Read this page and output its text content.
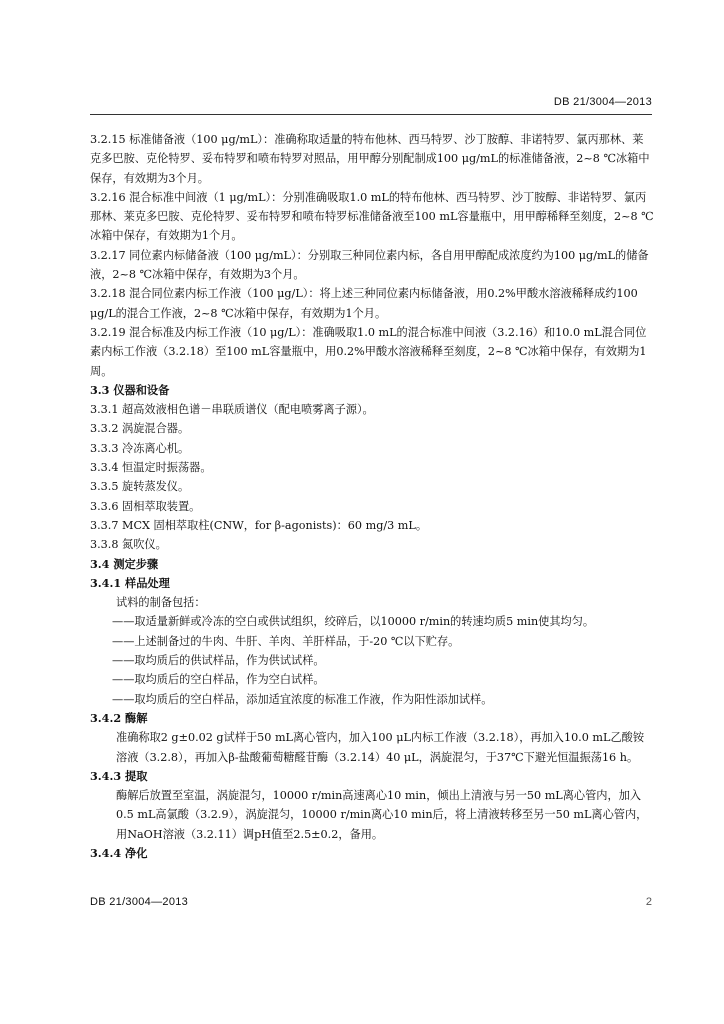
DB 21/3004—2013

3.2.15 标准储备液（100 μg/mL）：准确称取适量的特布他林、西马特罗、沙丁胺醇、非诺特罗、氯丙那林、莱克多巴胺、克伦特罗、妥布特罗和喷布特罗对照品，用甲醇分别配制成100 μg/mL的标准储备液，2~8 ℃冰箱中保存，有效期为3个月。

3.2.16 混合标准中间液（1 μg/mL）：分别准确吸取1.0 mL的特布他林、西马特罗、沙丁胺醇、非诺特罗、氯丙那林、莱克多巴胺、克伦特罗、妥布特罗和喷布特罗标准储备液至100 mL容量瓶中，用甲醇稀释至刻度，2~8 ℃冰箱中保存，有效期为1个月。

3.2.17 同位素内标储备液（100 μg/mL）：分别取三种同位素内标，各自用甲醇配成浓度约为100 μg/mL的储备液，2~8 ℃冰箱中保存，有效期为3个月。

3.2.18 混合同位素内标工作液（100 μg/L）：将上述三种同位素内标储备液，用0.2%甲酸水溶液稀释成约100 μg/L的混合工作液，2~8 ℃冰箱中保存，有效期为1个月。

3.2.19 混合标准及内标工作液（10 μg/L）：准确吸取1.0 mL的混合标准中间液（3.2.16）和10.0 mL混合同位素内标工作液（3.2.18）至100 mL容量瓶中，用0.2%甲酸水溶液稀释至刻度，2~8 ℃冰箱中保存，有效期为1周。

3.3 仪器和设备

3.3.1 超高效液相色谱－串联质谱仪（配电喷雾离子源）。

3.3.2 涡旋混合器。

3.3.3 冷冻离心机。

3.3.4 恒温定时振荡器。

3.3.5 旋转蒸发仪。

3.3.6 固相萃取装置。

3.3.7 MCX 固相萃取柱(CNW，for β-agonists)：60 mg/3 mL。

3.3.8 氮吹仪。

3.4 测定步骤

3.4.1 样品处理

试料的制备包括：

——取适量新鲜或冷冻的空白或供试组织，绞碎后，以10000 r/min的转速均质5 min使其均匀。

——上述制备过的牛肉、牛肝、羊肉、羊肝样品，于-20 ℃以下贮存。

——取均质后的供试样品，作为供试试样。

——取均质后的空白样品，作为空白试样。

——取均质后的空白样品，添加适宜浓度的标准工作液，作为阳性添加试样。

3.4.2 酶解

准确称取2 g±0.02 g试样于50 mL离心管内，加入100 μL内标工作液（3.2.18），再加入10.0 mL乙酸铵溶液（3.2.8），再加入β-盐酸葡萄糖醛苷酶（3.2.14）40 μL，涡旋混匀，于37℃下避光恒温振荡16 h。

3.4.3 提取

酶解后放置至室温，涡旋混匀，10000 r/min高速离心10 min，倾出上清液与另一50 mL离心管内，加入0.5 mL高氯酸（3.2.9），涡旋混匀，10000 r/min离心10 min后，将上清液转移至另一50 mL离心管内，用NaOH溶液（3.2.11）调pH值至2.5±0.2，备用。

3.4.4 净化

DB 21/3004—2013	2
